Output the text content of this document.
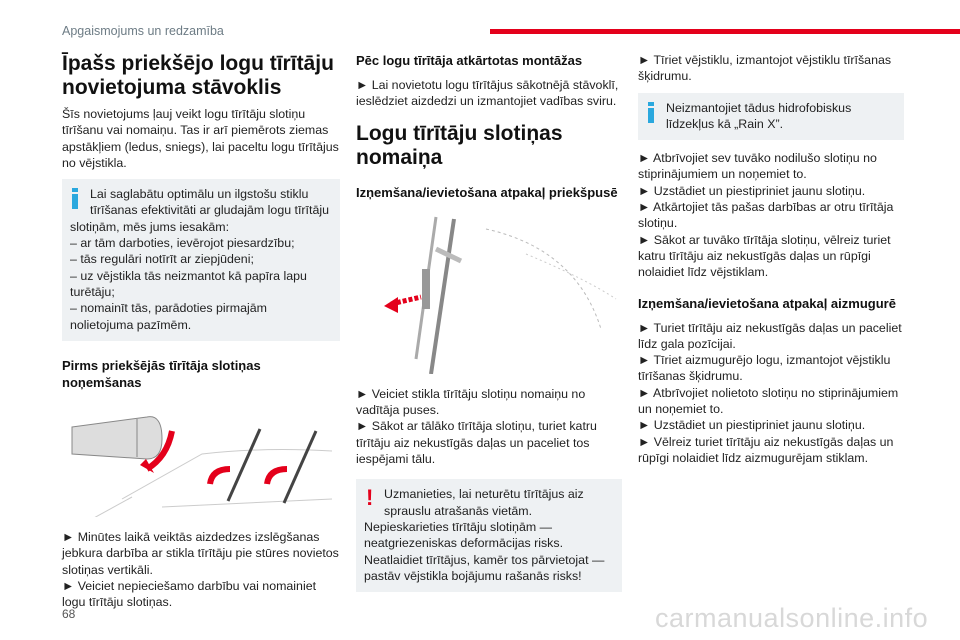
Apgaismojums un redzamība
Īpašs priekšējo logu tīrītāju novietojuma stāvoklis

Šīs novietojums ļauj veikt logu tīrītāju slotiņu tīrīšanu vai nomaiņu. Tas ir arī piemērots ziemas apstākļiem (ledus, sniegs), lai paceltu logu tīrītājus no vējstikla.

Lai saglabātu optimālu un ilgstošu stiklu tīrīšanas efektivitāti ar gludajām logu tīrītāju slotiņām, mēs jums iesakām:
– ar tām darboties, ievērojot piesardzību;
– tās regulāri notīrīt ar ziepjūdeni;
– uz vējstikla tās neizmantot kā papīra lapu turētāju;
– nomainīt tās, parādoties pirmajām nolietojuma pazīmēm.
Pirms priekšējās tīrītāja slotiņas noņemšanas

► Minūtes laikā veiktās aizdedzes izslēgšanas jebkura darbība ar stikla tīrītāju pie stūres novietos slotiņas vertikāli.

► Veiciet nepieciešamo darbību vai nomainiet logu tīrītāju slotiņas.

Pēc logu tīrītāja atkārtotas montāžas

► Lai novietotu logu tīrītājus sākotnējā stāvoklī, ieslēdziet aizdedzi un izmantojiet vadības sviru.

Logu tīrītāju slotiņas nomaiņa
Izņemšana/ievietošana atpakaļ priekšpusē

► Veiciet stikla tīrītāju slotiņu nomaiņu no vadītāja puses.

► Sākot ar tālāko tīrītāja slotiņu, turiet katru tīrītāju aiz nekustīgās daļas un paceliet tos iespējami tālu.

! Uzmanieties, lai neturētu tīrītājus aiz sprauslu atrašanās vietām.
Nepieskarieties tīrītāju slotiņām — neatgriezeniskas deformācijas risks.
Neatlaidiet tīrītājus, kamēr tos pārvietojat — pastāv vējstikla bojājumu rašanās risks!

► Tīriet vējstiklu, izmantojot vējstiklu tīrīšanas šķidrumu.

Neizmantojiet tādus hidrofobiskus līdzekļus kā „Rain X”.
► Atbrīvojiet sev tuvāko nodilušo slotiņu no stiprinājumiem un noņemiet to.
► Uzstādiet un piestipriniet jaunu slotiņu.
► Atkārtojiet tās pašas darbības ar otru tīrītāja slotiņu.
► Sākot ar tuvāko tīrītāja slotiņu, vēlreiz turiet katru tīrītāju aiz nekustīgās daļas un rūpīgi nolaidiet līdz vējstiklam.
Izņemšana/ievietošana atpakaļ aizmugurē
► Turiet tīrītāju aiz nekustīgās daļas un paceliet līdz gala pozīcijai.
► Tīriet aizmugurējo logu, izmantojot vējstiklu tīrīšanas šķidrumu.
► Atbrīvojiet nolietoto slotiņu no stiprinājumiem un noņemiet to.
► Uzstādiet un piestipriniet jaunu slotiņu.
► Vēlreiz turiet tīrītāju aiz nekustīgās daļas un rūpīgi nolaidiet līdz aizmugurējam stiklam.
68	carmanualsonline.info
